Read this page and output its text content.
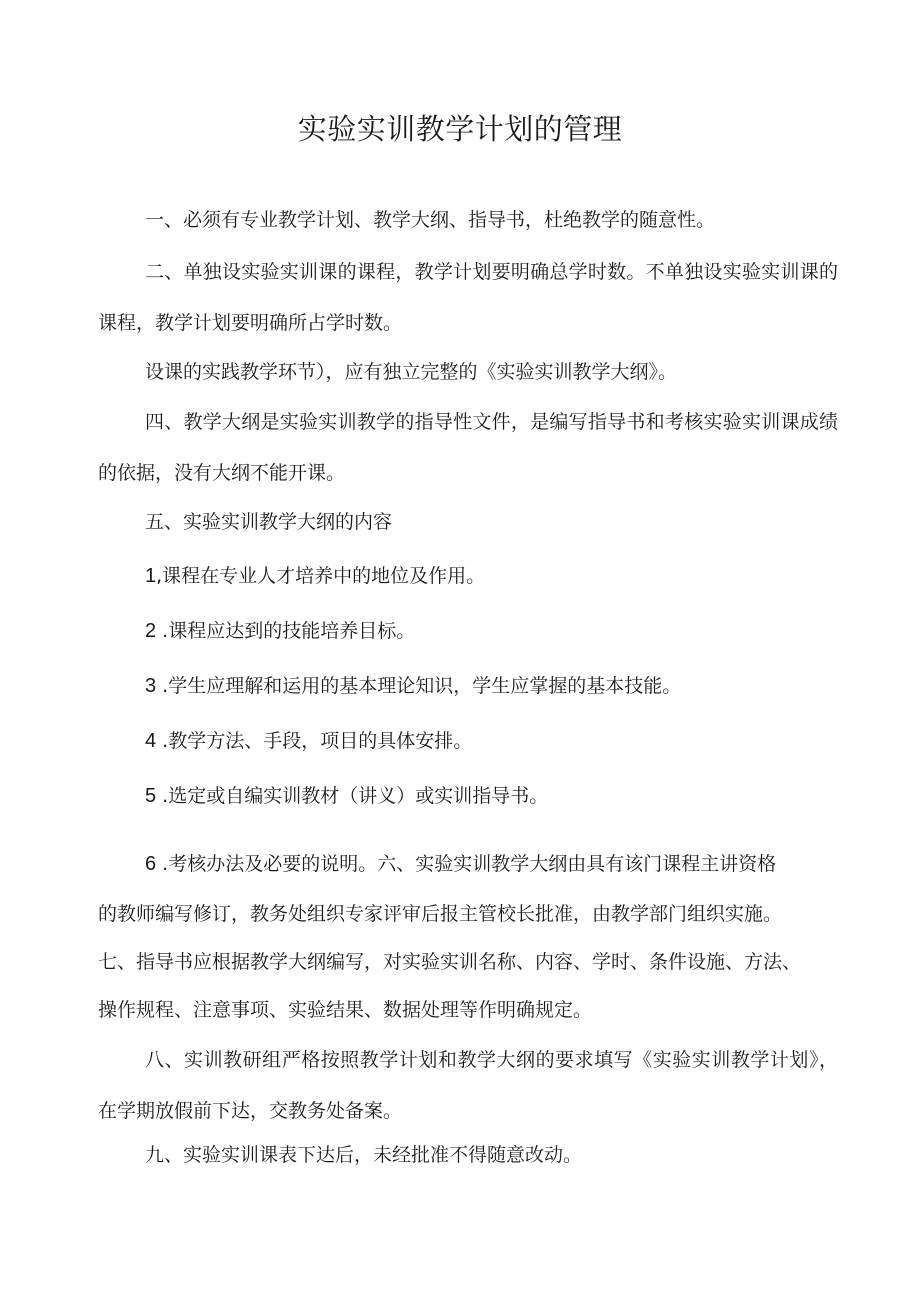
实验实训教学计划的管理
一、必须有专业教学计划、教学大纲、指导书，杜绝教学的随意性。
二、单独设实验实训课的课程，教学计划要明确总学时数。不单独设实验实训课的课程，教学计划要明确所占学时数。
设课的实践教学环节），应有独立完整的《实验实训教学大纲》。
四、教学大纲是实验实训教学的指导性文件，是编写指导书和考核实验实训课成绩的依据，没有大纲不能开课。
五、实验实训教学大纲的内容
1,课程在专业人才培养中的地位及作用。
2 .课程应达到的技能培养目标。
3 .学生应理解和运用的基本理论知识，学生应掌握的基本技能。
4 .教学方法、手段，项目的具体安排。
5 .选定或自编实训教材（讲义）或实训指导书。
6 .考核办法及必要的说明。六、实验实训教学大纲由具有该门课程主讲资格
的教师编写修订，教务处组织专家评审后报主管校长批准，由教学部门组织实施。
七、指导书应根据教学大纲编写，对实验实训名称、内容、学时、条件设施、方法、
操作规程、注意事项、实验结果、数据处理等作明确规定。
八、实训教研组严格按照教学计划和教学大纲的要求填写《实验实训教学计划》，在学期放假前下达，交教务处备案。
九、实验实训课表下达后，未经批准不得随意改动。
